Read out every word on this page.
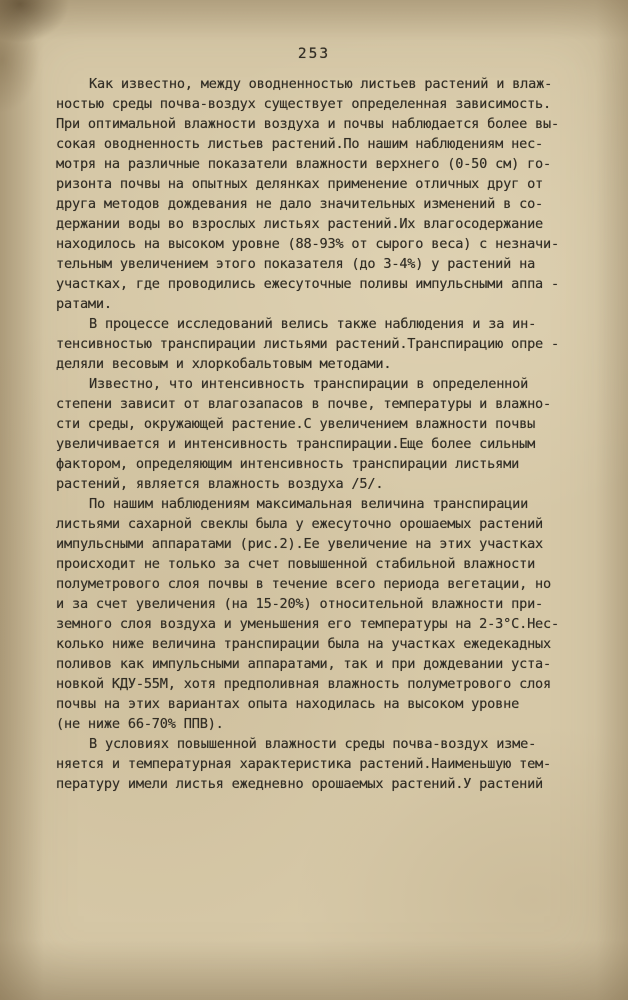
253
Как известно, между оводненностью листьев растений и влаж-
ностью среды почва-воздух существует определенная зависимость.
При оптимальной влажности воздуха и почвы наблюдается более вы-
сокая оводненность листьев растений.По нашим наблюдениям нес-
мотря на различные показатели влажности верхнего (0-50 см) го-
ризонта почвы на опытных делянках применение отличных друг от
друга методов дождевания не дало значительных изменений в со-
держании воды во взрослых листьях растений.Их влагосодержание
находилось на высоком уровне (88-93% от сырого веса) с незначи-
тельным увеличением этого показателя (до 3-4%) у растений на
участках, где проводились ежесуточные поливы импульсными аппа -
ратами.
В процессе исследований велись также наблюдения и за ин-
тенсивностью транспирации листьями растений.Транспирацию опре -
деляли весовым и хлоркобальтовым методами.
Известно, что интенсивность транспирации в определенной
степени зависит от влагозапасов в почве, температуры и влажно-
сти среды, окружающей растение.С увеличением влажности почвы
увеличивается и интенсивность транспирации.Еще более сильным
фактором, определяющим интенсивность транспирации листьями
растений, является влажность воздуха /5/.
По нашим наблюдениям максимальная величина транспирации
листьями сахарной свеклы была у ежесуточно орошаемых растений
импульсными аппаратами (рис.2).Ее увеличение на этих участках
происходит не только за счет повышенной стабильной влажности
полуметрового слоя почвы в течение всего периода вегетации, но
и за счет увеличения (на 15-20%) относительной влажности при-
земного слоя воздуха и уменьшения его температуры на 2-3°С.Нес-
колько ниже величина транспирации была на участках ежедекадных
поливов как импульсными аппаратами, так и при дождевании уста-
новкой КДУ-55М, хотя предполивная влажность полуметрового слоя
почвы на этих вариантах опыта находилась на высоком уровне
(не ниже 66-70% ППВ).
В условиях повышенной влажности среды почва-воздух изме-
няется и температурная характеристика растений.Наименьшую тем-
пературу имели листья ежедневно орошаемых растений.У растений
